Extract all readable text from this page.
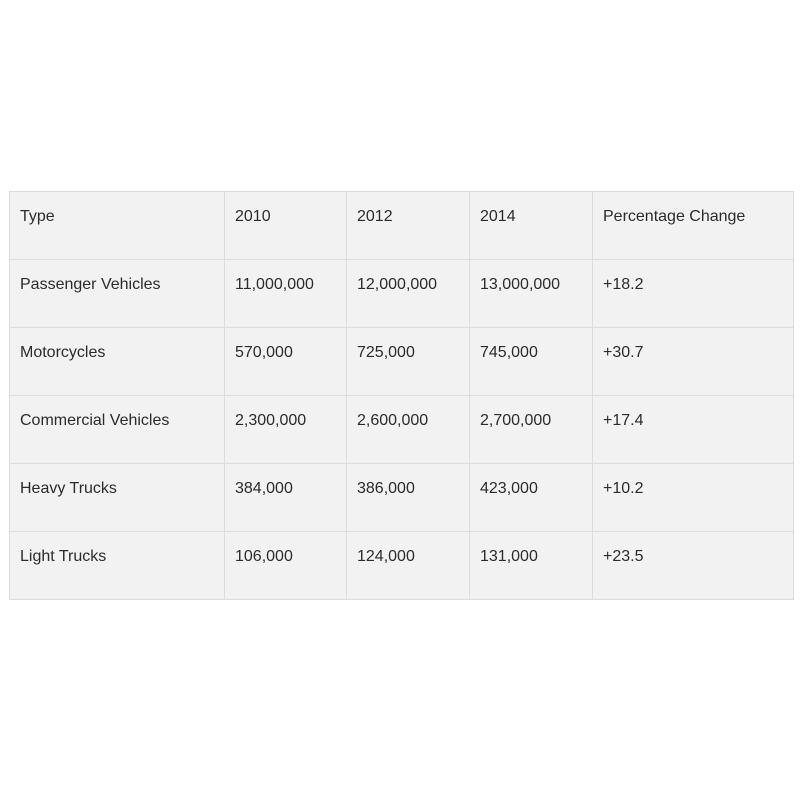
Type	2010	2012	2014	Percentage Change
Passenger Vehicles	11,000,000	12,000,000	13,000,000	+18.2
Motorcycles	570,000	725,000	745,000	+30.7
Commercial Vehicles	2,300,000	2,600,000	2,700,000	+17.4
Heavy Trucks	384,000	386,000	423,000	+10.2
Light Trucks	106,000	124,000	131,000	+23.5
